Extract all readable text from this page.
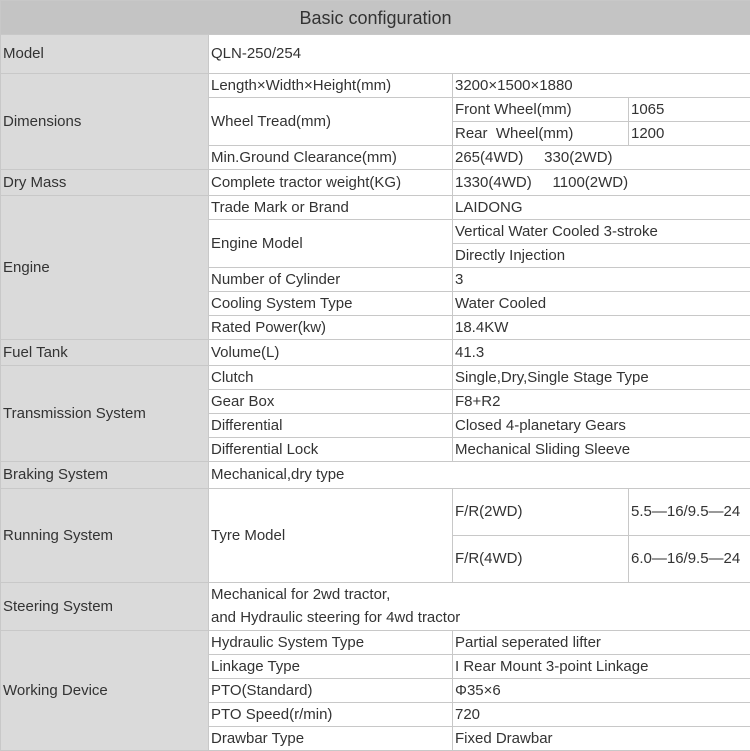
Basic configuration			
Model	QLN-250/254		
Dimensions	Length×Width×Height(mm)	3200×1500×1880	
	Wheel Tread(mm)	Front Wheel(mm)	1065
		Rear  Wheel(mm)	1200
	Min.Ground Clearance(mm)	265(4WD)     330(2WD)	
Dry Mass	Complete tractor weight(KG)	1330(4WD)     1100(2WD)	
Engine	Trade Mark or Brand	LAIDONG	
	Engine Model	Vertical Water Cooled 3-stroke	
		Directly Injection	
	Number of Cylinder	3	
	Cooling System Type	Water Cooled	
	Rated Power(kw)	18.4KW	
Fuel Tank	Volume(L)	41.3	
Transmission System	Clutch	Single,Dry,Single Stage Type	
	Gear Box	F8+R2	
	Differential	Closed 4-planetary Gears	
	Differential Lock	Mechanical Sliding Sleeve	
Braking System	Mechanical,dry type		
Running System	Tyre Model	F/R(2WD)	5.5—16/9.5—24
		F/R(4WD)	6.0—16/9.5—24
Steering System	Mechanical for 2wd tractor,		
	and Hydraulic steering for 4wd tractor		
Working Device	Hydraulic System Type	Partial seperated lifter	
	Linkage Type	I Rear Mount 3-point Linkage	
	PTO(Standard)	Φ35×6	
	PTO Speed(r/min)	720	
	Drawbar Type	Fixed Drawbar	
